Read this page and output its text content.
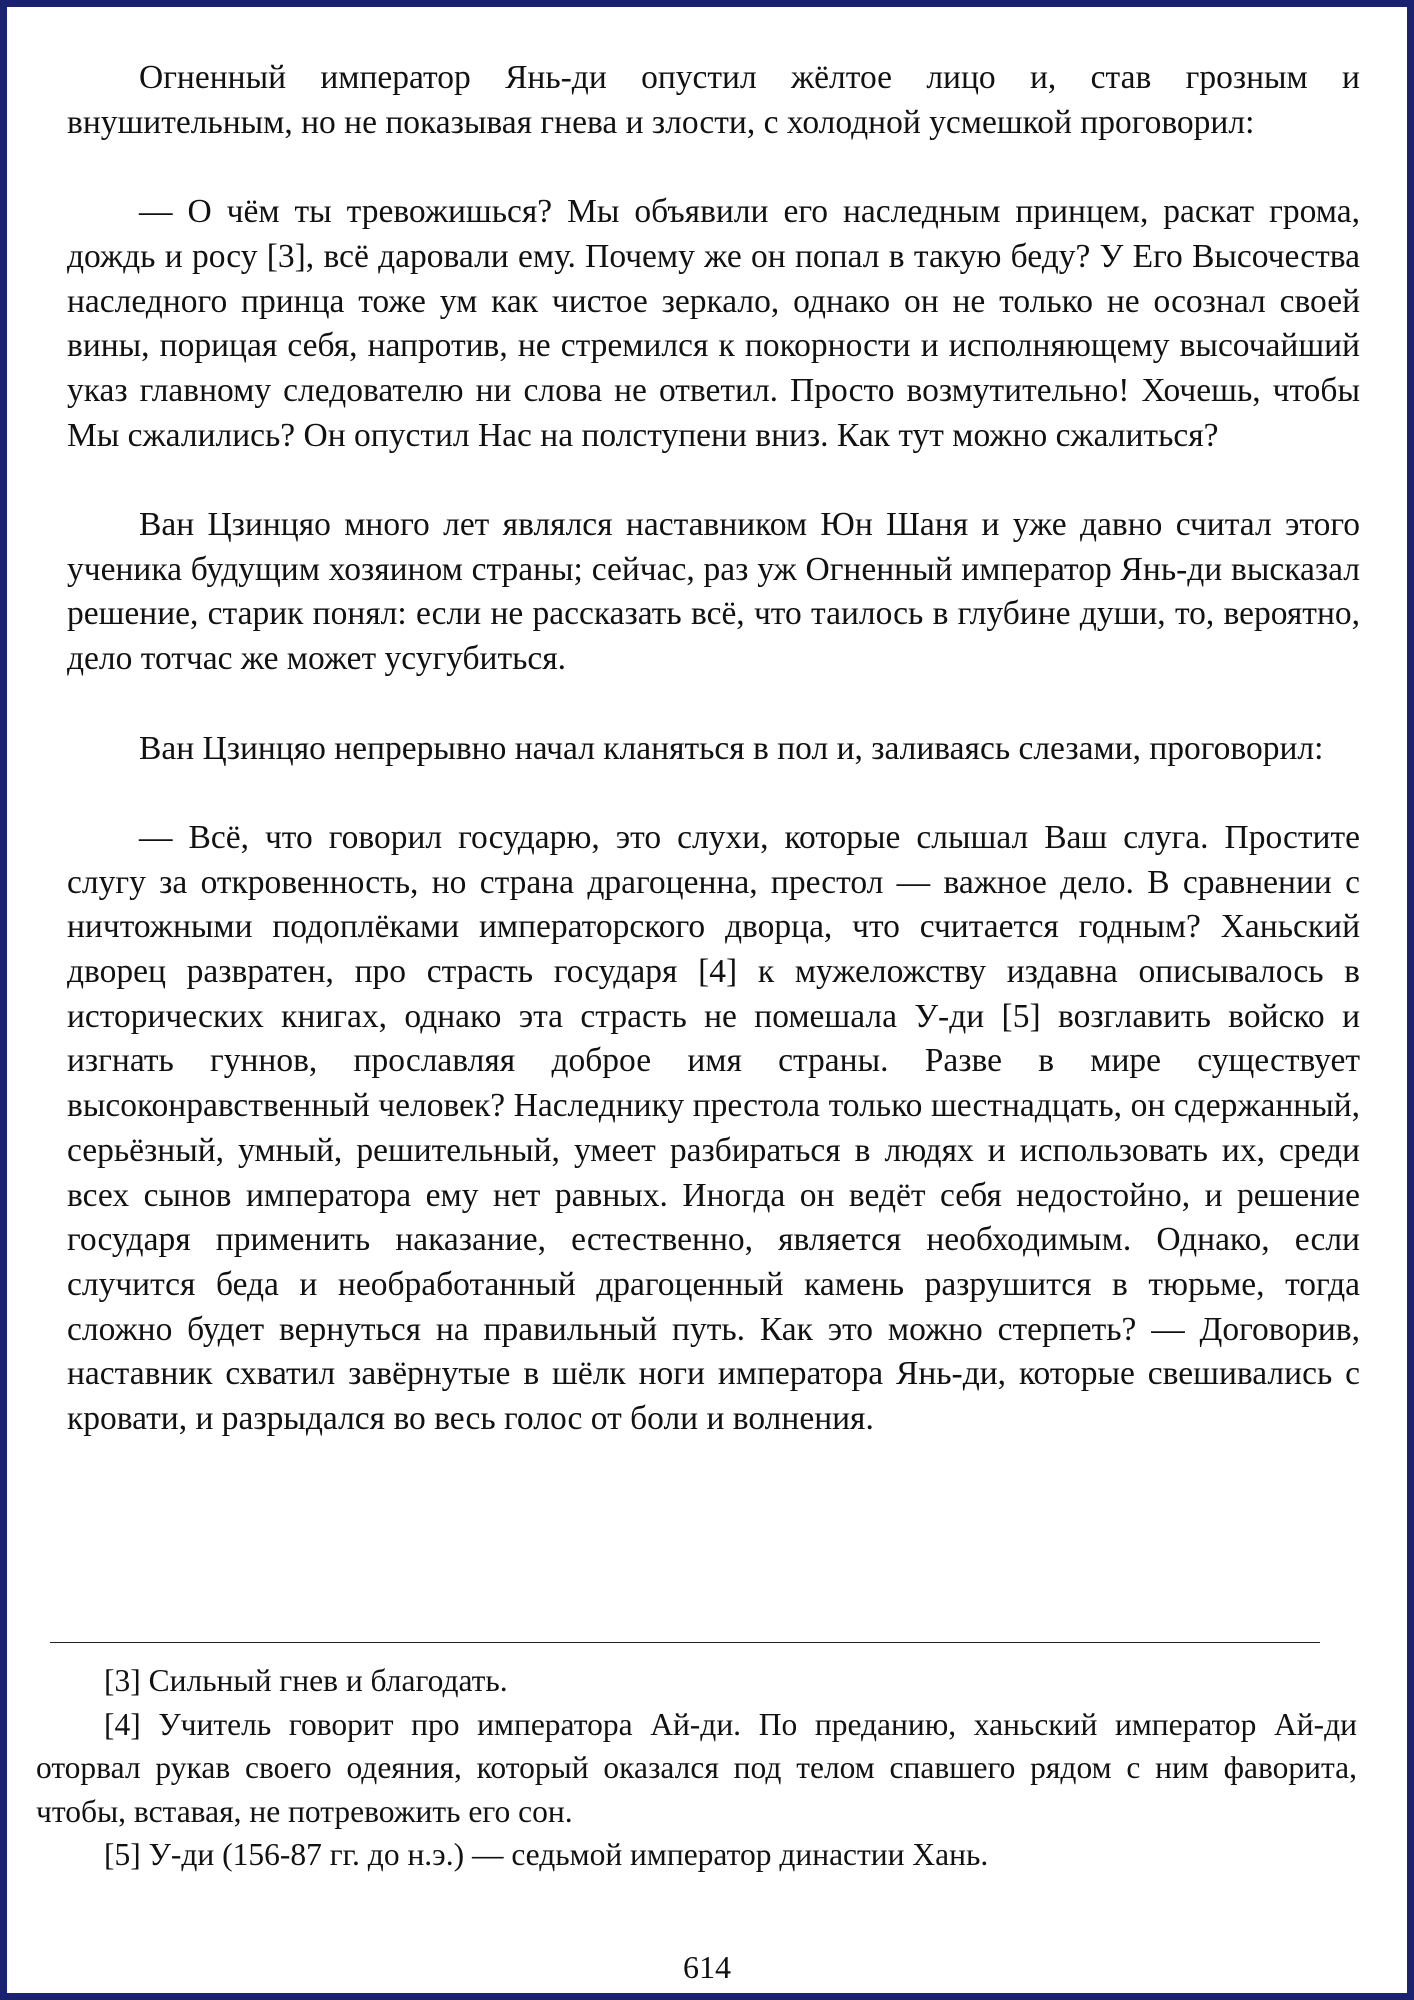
Огненный император Янь-ди опустил жёлтое лицо и, став грозным и внушительным, но не показывая гнева и злости, с холодной усмешкой проговорил:

— О чём ты тревожишься? Мы объявили его наследным принцем, раскат грома, дождь и росу [3], всё даровали ему. Почему же он попал в такую беду? У Его Высочества наследного принца тоже ум как чистое зеркало, однако он не только не осознал своей вины, порицая себя, напротив, не стремился к покорности и исполняющему высочайший указ главному следователю ни слова не ответил. Просто возмутительно! Хочешь, чтобы Мы сжалились? Он опустил Нас на полступени вниз. Как тут можно сжалиться?

Ван Цзинцяо много лет являлся наставником Юн Шаня и уже давно считал этого ученика будущим хозяином страны; сейчас, раз уж Огненный император Янь-ди высказал решение, старик понял: если не рассказать всё, что таилось в глубине души, то, вероятно, дело тотчас же может усугубиться.

Ван Цзинцяо непрерывно начал кланяться в пол и, заливаясь слезами, проговорил:

— Всё, что говорил государю, это слухи, которые слышал Ваш слуга. Простите слугу за откровенность, но страна драгоценна, престол — важное дело. В сравнении с ничтожными подоплёками императорского дворца, что считается годным? Ханьский дворец развратен, про страсть государя [4] к мужеложству издавна описывалось в исторических книгах, однако эта страсть не помешала У-ди [5] возглавить войско и изгнать гуннов, прославляя доброе имя страны. Разве в мире существует высоконравственный человек? Наследнику престола только шестнадцать, он сдержанный, серьёзный, умный, решительный, умеет разбираться в людях и использовать их, среди всех сынов императора ему нет равных. Иногда он ведёт себя недостойно, и решение государя применить наказание, естественно, является необходимым. Однако, если случится беда и необработанный драгоценный камень разрушится в тюрьме, тогда сложно будет вернуться на правильный путь. Как это можно стерпеть? — Договорив, наставник схватил завёрнутые в шёлк ноги императора Янь-ди, которые свешивались с кровати, и разрыдался во весь голос от боли и волнения.

[3] Сильный гнев и благодать.

[4] Учитель говорит про императора Ай-ди. По преданию, ханьский император Ай-ди оторвал рукав своего одеяния, который оказался под телом спавшего рядом с ним фаворита, чтобы, вставая, не потревожить его сон.

[5] У-ди (156-87 гг. до н.э.) — седьмой император династии Хань.

614
